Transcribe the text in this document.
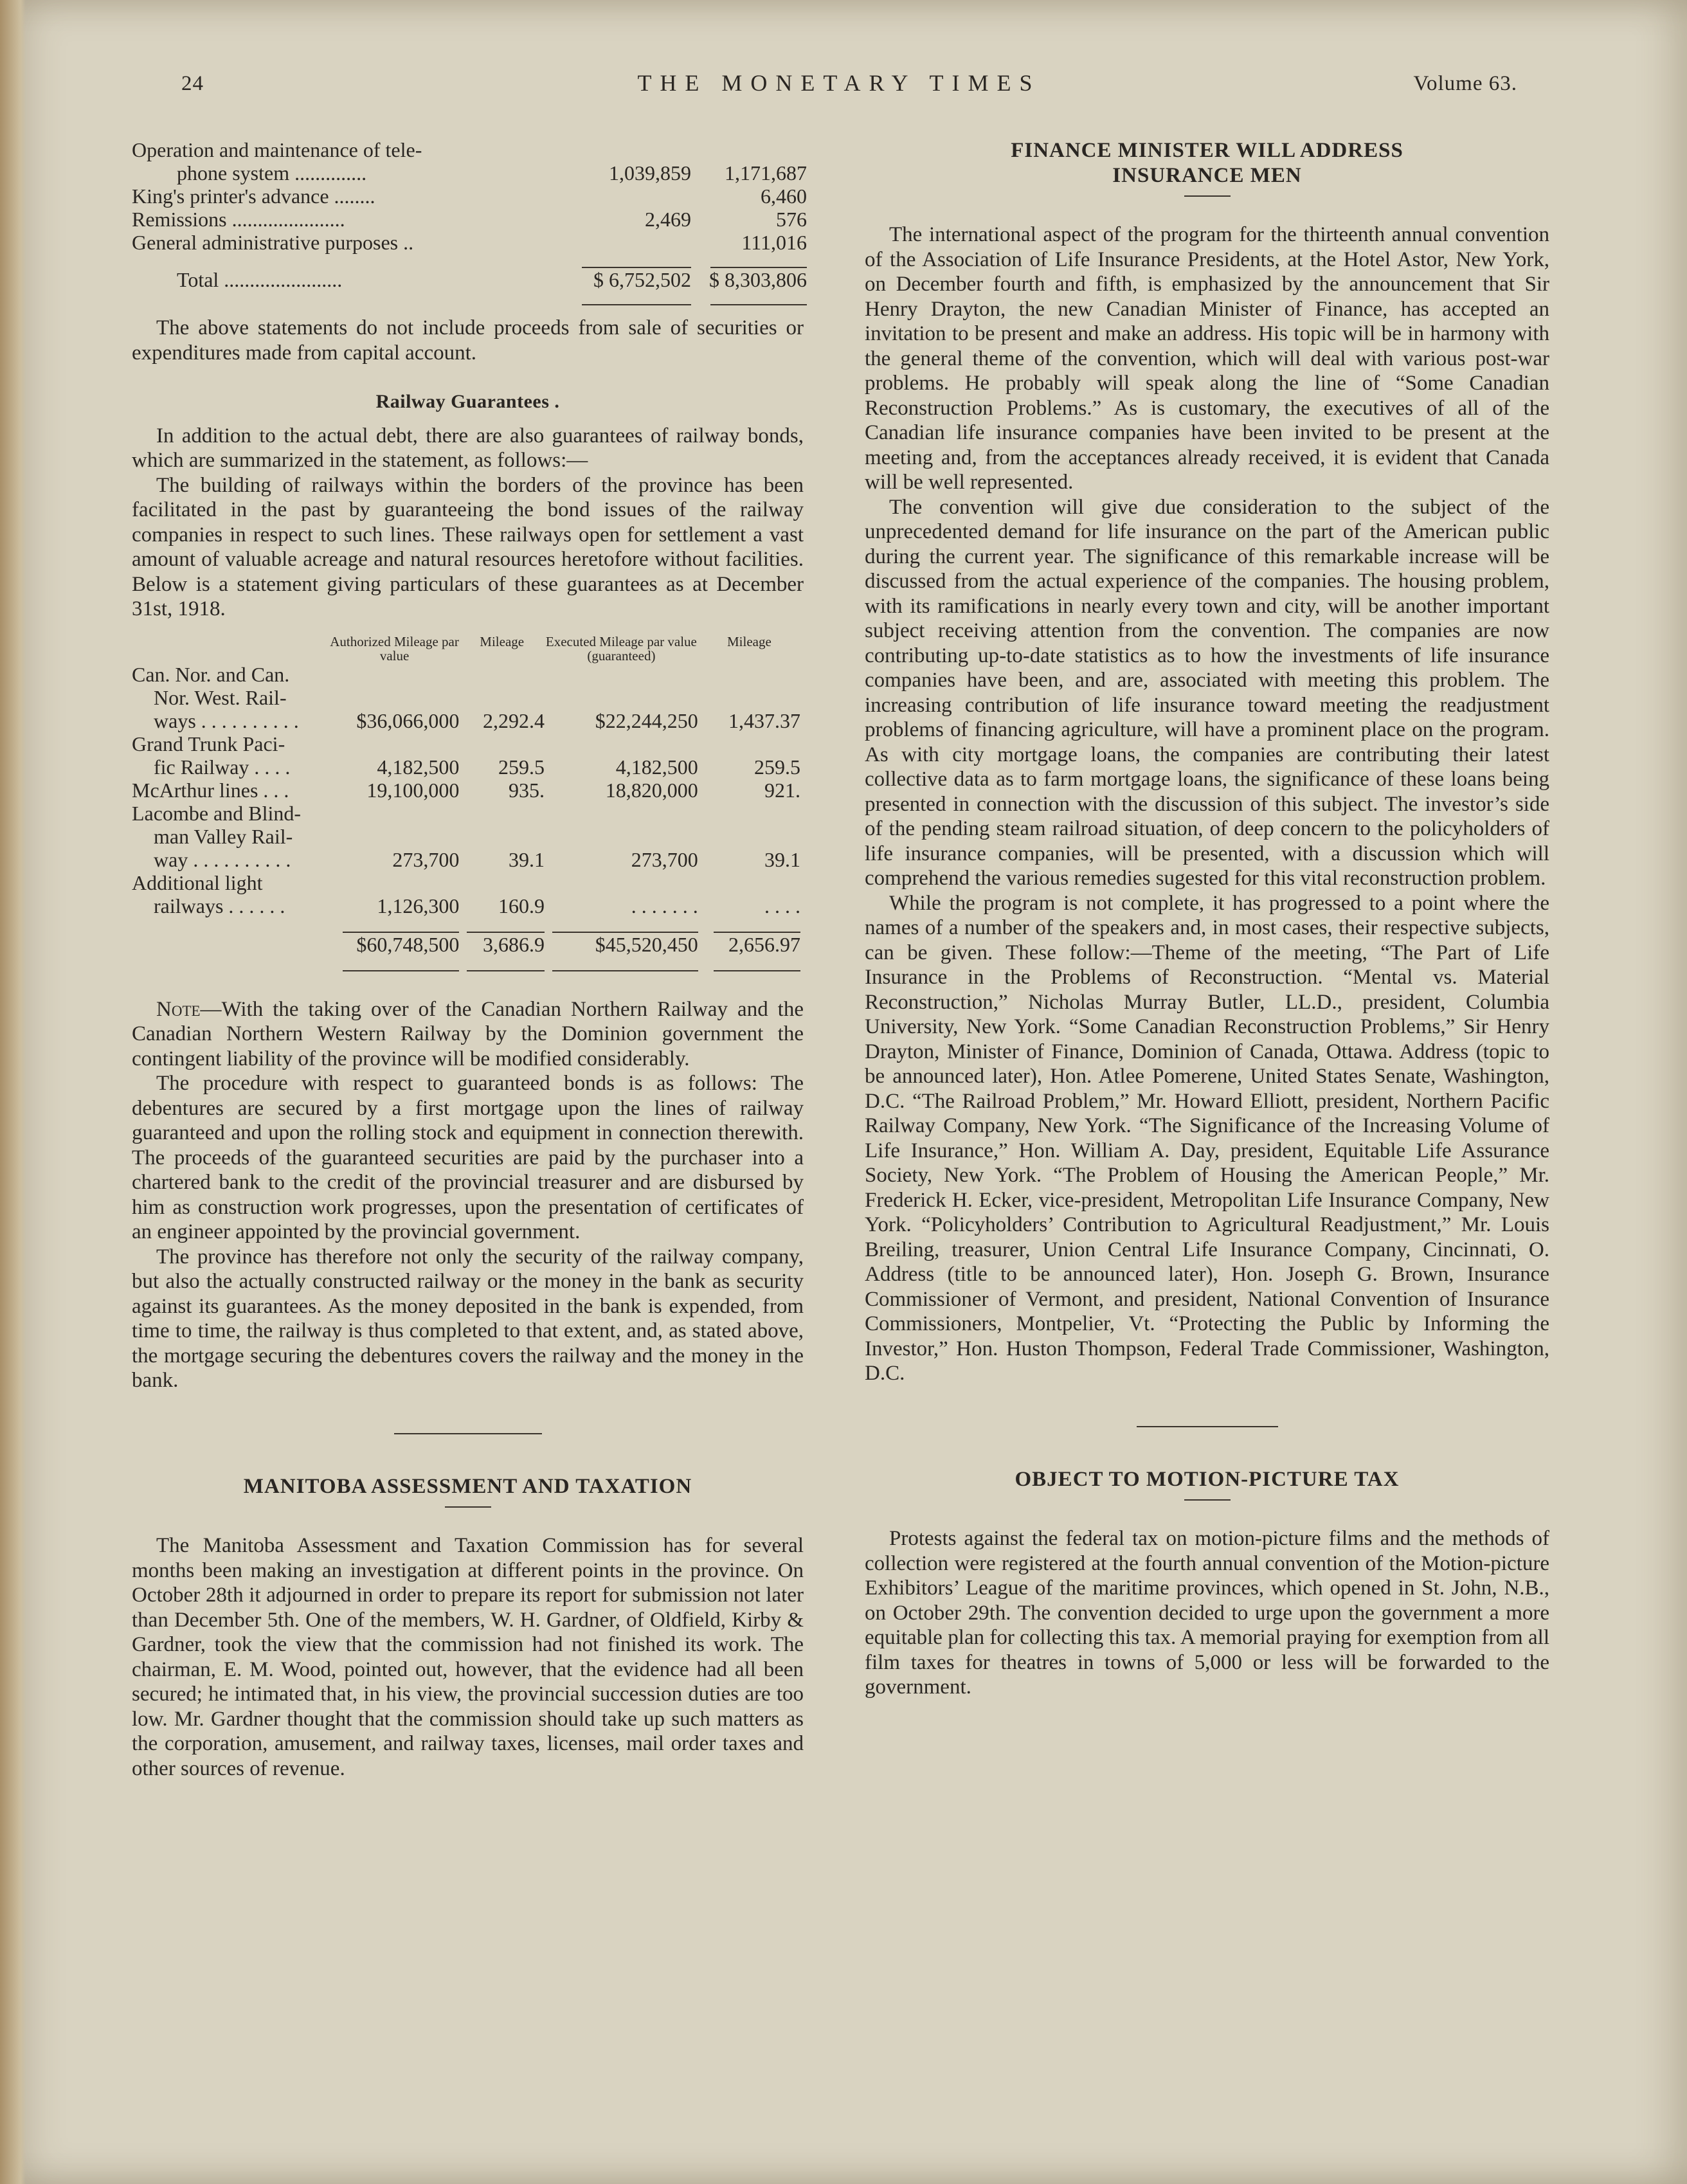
24	THE MONETARY TIMES	Volume 63.
Operation and maintenance of tele-		
phone system ..............	1,039,859	1,171,687
King's printer's advance ........		6,460
Remissions ......................	2,469	576
General administrative purposes ..		111,016

Total .......................	$ 6,752,502	$ 8,303,806

The above statements do not include proceeds from sale of securities or expenditures made from capital account.

Railway Guarantees .

In addition to the actual debt, there are also guarantees of railway bonds, which are summarized in the statement, as follows:—

The building of railways within the borders of the province has been facilitated in the past by guaranteeing the bond issues of the railway companies in respect to such lines. These railways open for settlement a vast amount of valuable acreage and natural resources heretofore without facilities. Below is a statement giving particulars of these guarantees as at December 31st, 1918.

	Authorized Mileage par value	Mileage	Executed Mileage par value (guaranteed)	Mileage
Can. Nor. and Can.				
Nor. West. Rail-				
ways . . . . . . . . . .	$36,066,000	2,292.4	$22,244,250	1,437.37
Grand Trunk Paci-				
fic Railway . . . .	4,182,500	259.5	4,182,500	259.5
McArthur lines . . .	19,100,000	935.	18,820,000	921.
Lacombe and Blind-				
man Valley Rail-				
way . . . . . . . . . .	273,700	39.1	273,700	39.1
Additional light				
railways . . . . . .	1,126,300	160.9	. . . . . . .	. . . .

	$60,748,500	3,686.9	$45,520,450	2,656.97

Note—With the taking over of the Canadian Northern Railway and the Canadian Northern Western Railway by the Dominion government the contingent liability of the province will be modified considerably.

The procedure with respect to guaranteed bonds is as follows: The debentures are secured by a first mortgage upon the lines of railway guaranteed and upon the rolling stock and equipment in connection therewith. The proceeds of the guaranteed securities are paid by the purchaser into a chartered bank to the credit of the provincial treasurer and are disbursed by him as construction work progresses, upon the presentation of certificates of an engineer appointed by the provincial government.

The province has therefore not only the security of the railway company, but also the actually constructed railway or the money in the bank as security against its guarantees. As the money deposited in the bank is expended, from time to time, the railway is thus completed to that extent, and, as stated above, the mortgage securing the debentures covers the railway and the money in the bank.

MANITOBA ASSESSMENT AND TAXATION

The Manitoba Assessment and Taxation Commission has for several months been making an investigation at different points in the province. On October 28th it adjourned in order to prepare its report for submission not later than December 5th. One of the members, W. H. Gardner, of Oldfield, Kirby & Gardner, took the view that the commission had not finished its work. The chairman, E. M. Wood, pointed out, however, that the evidence had all been secured; he intimated that, in his view, the provincial succession duties are too low. Mr. Gardner thought that the commission should take up such matters as the corporation, amusement, and railway taxes, licenses, mail order taxes and other sources of revenue.

FINANCE MINISTER WILL ADDRESS
INSURANCE MEN

The international aspect of the program for the thirteenth annual convention of the Association of Life Insurance Presidents, at the Hotel Astor, New York, on December fourth and fifth, is emphasized by the announcement that Sir Henry Drayton, the new Canadian Minister of Finance, has accepted an invitation to be present and make an address. His topic will be in harmony with the general theme of the convention, which will deal with various post-war problems. He probably will speak along the line of “Some Canadian Reconstruction Problems.” As is customary, the executives of all of the Canadian life insurance companies have been invited to be present at the meeting and, from the acceptances already received, it is evident that Canada will be well represented.

The convention will give due consideration to the subject of the unprecedented demand for life insurance on the part of the American public during the current year. The significance of this remarkable increase will be discussed from the actual experience of the companies. The housing problem, with its ramifications in nearly every town and city, will be another important subject receiving attention from the convention. The companies are now contributing up-to-date statistics as to how the investments of life insurance companies have been, and are, associated with meeting this problem. The increasing contribution of life insurance toward meeting the readjustment problems of financing agriculture, will have a prominent place on the program. As with city mortgage loans, the companies are contributing their latest collective data as to farm mortgage loans, the significance of these loans being presented in connection with the discussion of this subject. The investor’s side of the pending steam railroad situation, of deep concern to the policyholders of life insurance companies, will be presented, with a discussion which will comprehend the various remedies sugested for this vital reconstruction problem.

While the program is not complete, it has progressed to a point where the names of a number of the speakers and, in most cases, their respective subjects, can be given. These follow:—Theme of the meeting, “The Part of Life Insurance in the Problems of Reconstruction. “Mental vs. Material Reconstruction,” Nicholas Murray Butler, LL.D., president, Columbia University, New York. “Some Canadian Reconstruction Problems,” Sir Henry Drayton, Minister of Finance, Dominion of Canada, Ottawa. Address (topic to be announced later), Hon. Atlee Pomerene, United States Senate, Washington, D.C. “The Railroad Problem,” Mr. Howard Elliott, president, Northern Pacific Railway Company, New York. “The Significance of the Increasing Volume of Life Insurance,” Hon. William A. Day, president, Equitable Life Assurance Society, New York. “The Problem of Housing the American People,” Mr. Frederick H. Ecker, vice-president, Metropolitan Life Insurance Company, New York. “Policyholders’ Contribution to Agricultural Readjustment,” Mr. Louis Breiling, treasurer, Union Central Life Insurance Company, Cincinnati, O. Address (title to be announced later), Hon. Joseph G. Brown, Insurance Commissioner of Vermont, and president, National Convention of Insurance Commissioners, Montpelier, Vt. “Protecting the Public by Informing the Investor,” Hon. Huston Thompson, Federal Trade Commissioner, Washington, D.C.

OBJECT TO MOTION-PICTURE TAX

Protests against the federal tax on motion-picture films and the methods of collection were registered at the fourth annual convention of the Motion-picture Exhibitors’ League of the maritime provinces, which opened in St. John, N.B., on October 29th. The convention decided to urge upon the government a more equitable plan for collecting this tax. A memorial praying for exemption from all film taxes for theatres in towns of 5,000 or less will be forwarded to the government.
